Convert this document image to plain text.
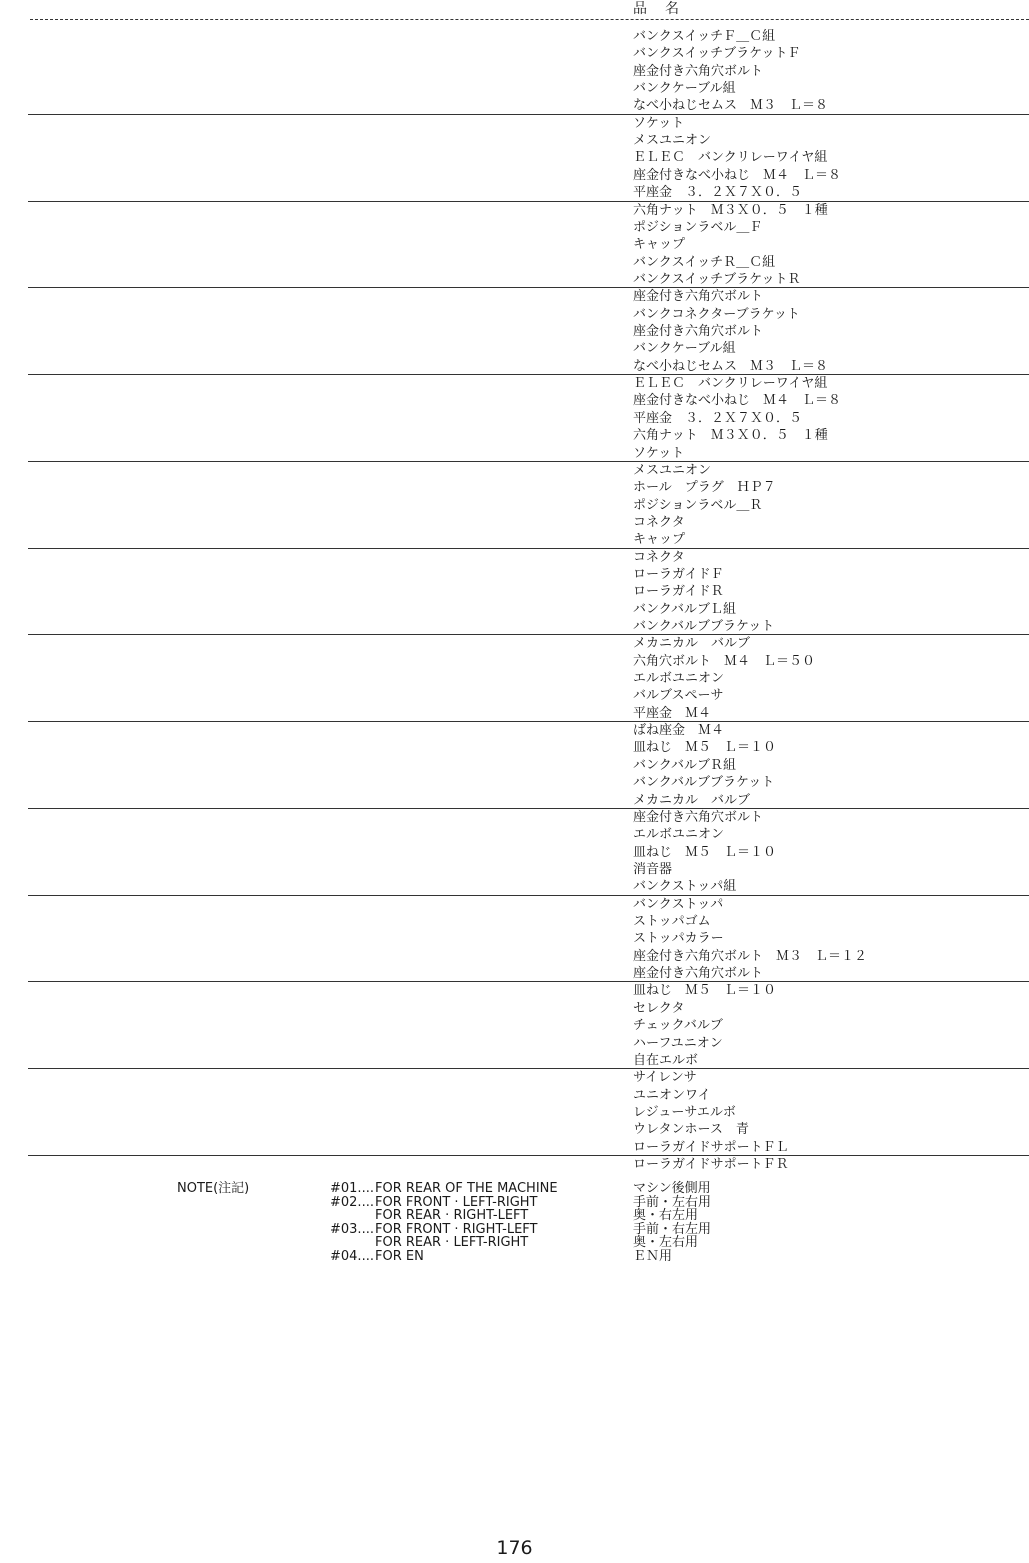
品　名
バンクスイッチＦ＿Ｃ組
バンクスイッチブラケットＦ
座金付き六角穴ボルト
バンクケーブル組
なべ小ねじセムス　Ｍ３　Ｌ＝８
ソケット
メスユニオン
ＥＬＥＣ　バンクリレーワイヤ組
座金付きなべ小ねじ　Ｍ４　Ｌ＝８
平座金　３．２Ｘ７Ｘ０．５
六角ナット　Ｍ３Ｘ０．５　１種
ポジションラベル＿Ｆ
キャップ
バンクスイッチＲ＿Ｃ組
バンクスイッチブラケットＲ
座金付き六角穴ボルト
バンクコネクターブラケット
座金付き六角穴ボルト
バンクケーブル組
なべ小ねじセムス　Ｍ３　Ｌ＝８
ＥＬＥＣ　バンクリレーワイヤ組
座金付きなべ小ねじ　Ｍ４　Ｌ＝８
平座金　３．２Ｘ７Ｘ０．５
六角ナット　Ｍ３Ｘ０．５　１種
ソケット
メスユニオン
ホール　プラグ　ＨＰ７
ポジションラベル＿Ｒ
コネクタ
キャップ
コネクタ
ローラガイドＦ
ローラガイドＲ
バンクバルブＬ組
バンクバルブブラケット
メカニカル　バルブ
六角穴ボルト　Ｍ４　Ｌ＝５０
エルボユニオン
バルブスペーサ
平座金　Ｍ４
ばね座金　Ｍ４
皿ねじ　Ｍ５　Ｌ＝１０
バンクバルブＲ組
バンクバルブブラケット
メカニカル　バルブ
座金付き六角穴ボルト
エルボユニオン
皿ねじ　Ｍ５　Ｌ＝１０
消音器
バンクストッパ組
バンクストッパ
ストッパゴム
ストッパカラー
座金付き六角穴ボルト　Ｍ３　Ｌ＝１２
座金付き六角穴ボルト
皿ねじ　Ｍ５　Ｌ＝１０
セレクタ
チェックバルブ
ハーフユニオン
自在エルボ
サイレンサ
ユニオンワイ
レジューサエルボ
ウレタンホース　青
ローラガイドサポートＦＬ
ローラガイドサポートＦＲ
NOTE(注記)	#01.... FOR REAR OF THE MACHINE	マシン後側用
#02.... FOR FRONT · LEFT-RIGHT	手前・左右用
FOR REAR · RIGHT-LEFT	奥・右左用
#03.... FOR FRONT · RIGHT-LEFT	手前・右左用
FOR REAR · LEFT-RIGHT	奥・左右用
#04.... FOR EN	ＥＮ用
176
